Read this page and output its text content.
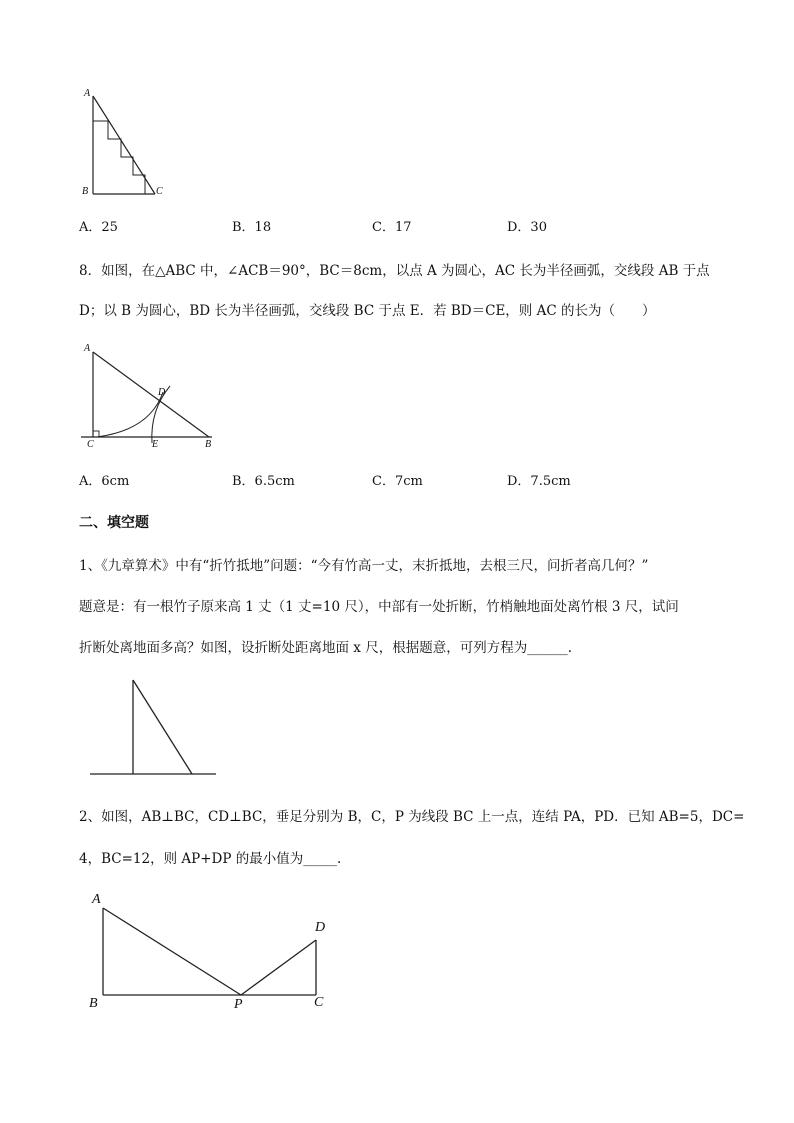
A
B	C
A．25	B．18	C．17	D．30
8．如图，在△ABC 中，∠ACB＝90°，BC＝8cm，以点 A 为圆心，AC 长为半径画弧，交线段 AB 于点
D；以 B 为圆心，BD 长为半径画弧，交线段 BC 于点 E．若 BD＝CE，则 AC 的长为（　　）
A
D
C	E	B
A．6cm	B．6.5cm	C．7cm	D．7.5cm
二、填空题
1、《九章算术》中有“折竹抵地”问题：“今有竹高一丈，末折抵地，去根三尺，问折者高几何？”
题意是：有一根竹子原来高 1 丈（1 丈=10 尺），中部有一处折断，竹梢触地面处离竹根 3 尺，试问
折断处离地面多高？如图，设折断处距离地面 x 尺，根据题意，可列方程为______.
2、如图，AB⊥BC，CD⊥BC，垂足分别为 B，C，P 为线段 BC 上一点，连结 PA，PD．已知 AB=5，DC=
4，BC=12，则 AP+DP 的最小值为_____.
A
D
B	P	C
